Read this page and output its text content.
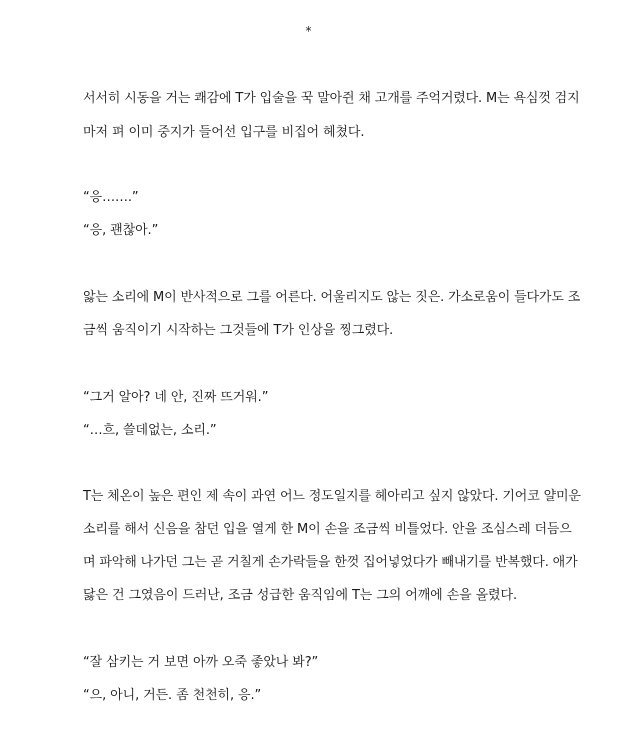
*
서서히 시동을 거는 쾌감에 T가 입술을 꾹 말아쥔 채 고개를 주억거렸다. M는 욕심껏 검지
마저 펴 이미 중지가 들어선 입구를 비집어 헤쳤다.
“응…….”
“응, 괜찮아.”
앓는 소리에 M이 반사적으로 그를 어른다. 어울리지도 않는 짓은. 가소로움이 들다가도 조
금씩 움직이기 시작하는 그것들에 T가 인상을 찡그렸다.
“그거 알아? 네 안, 진짜 뜨거워.”
“…흐, 쓸데없는, 소리.”
T는 체온이 높은 편인 제 속이 과연 어느 정도일지를 헤아리고 싶지 않았다. 기어코 얄미운
소리를 해서 신음을 참던 입을 열게 한 M이 손을 조금씩 비틀었다. 안을 조심스레 더듬으
며 파악해 나가던 그는 곧 거칠게 손가락들을 한껏 집어넣었다가 빼내기를 반복했다. 애가
닳은 건 그였음이 드러난, 조금 성급한 움직임에 T는 그의 어깨에 손을 올렸다.
“잘 삼키는 거 보면 아까 오죽 좋았나 봐?”
“으, 아니, 거든. 좀 천천히, 응.”
